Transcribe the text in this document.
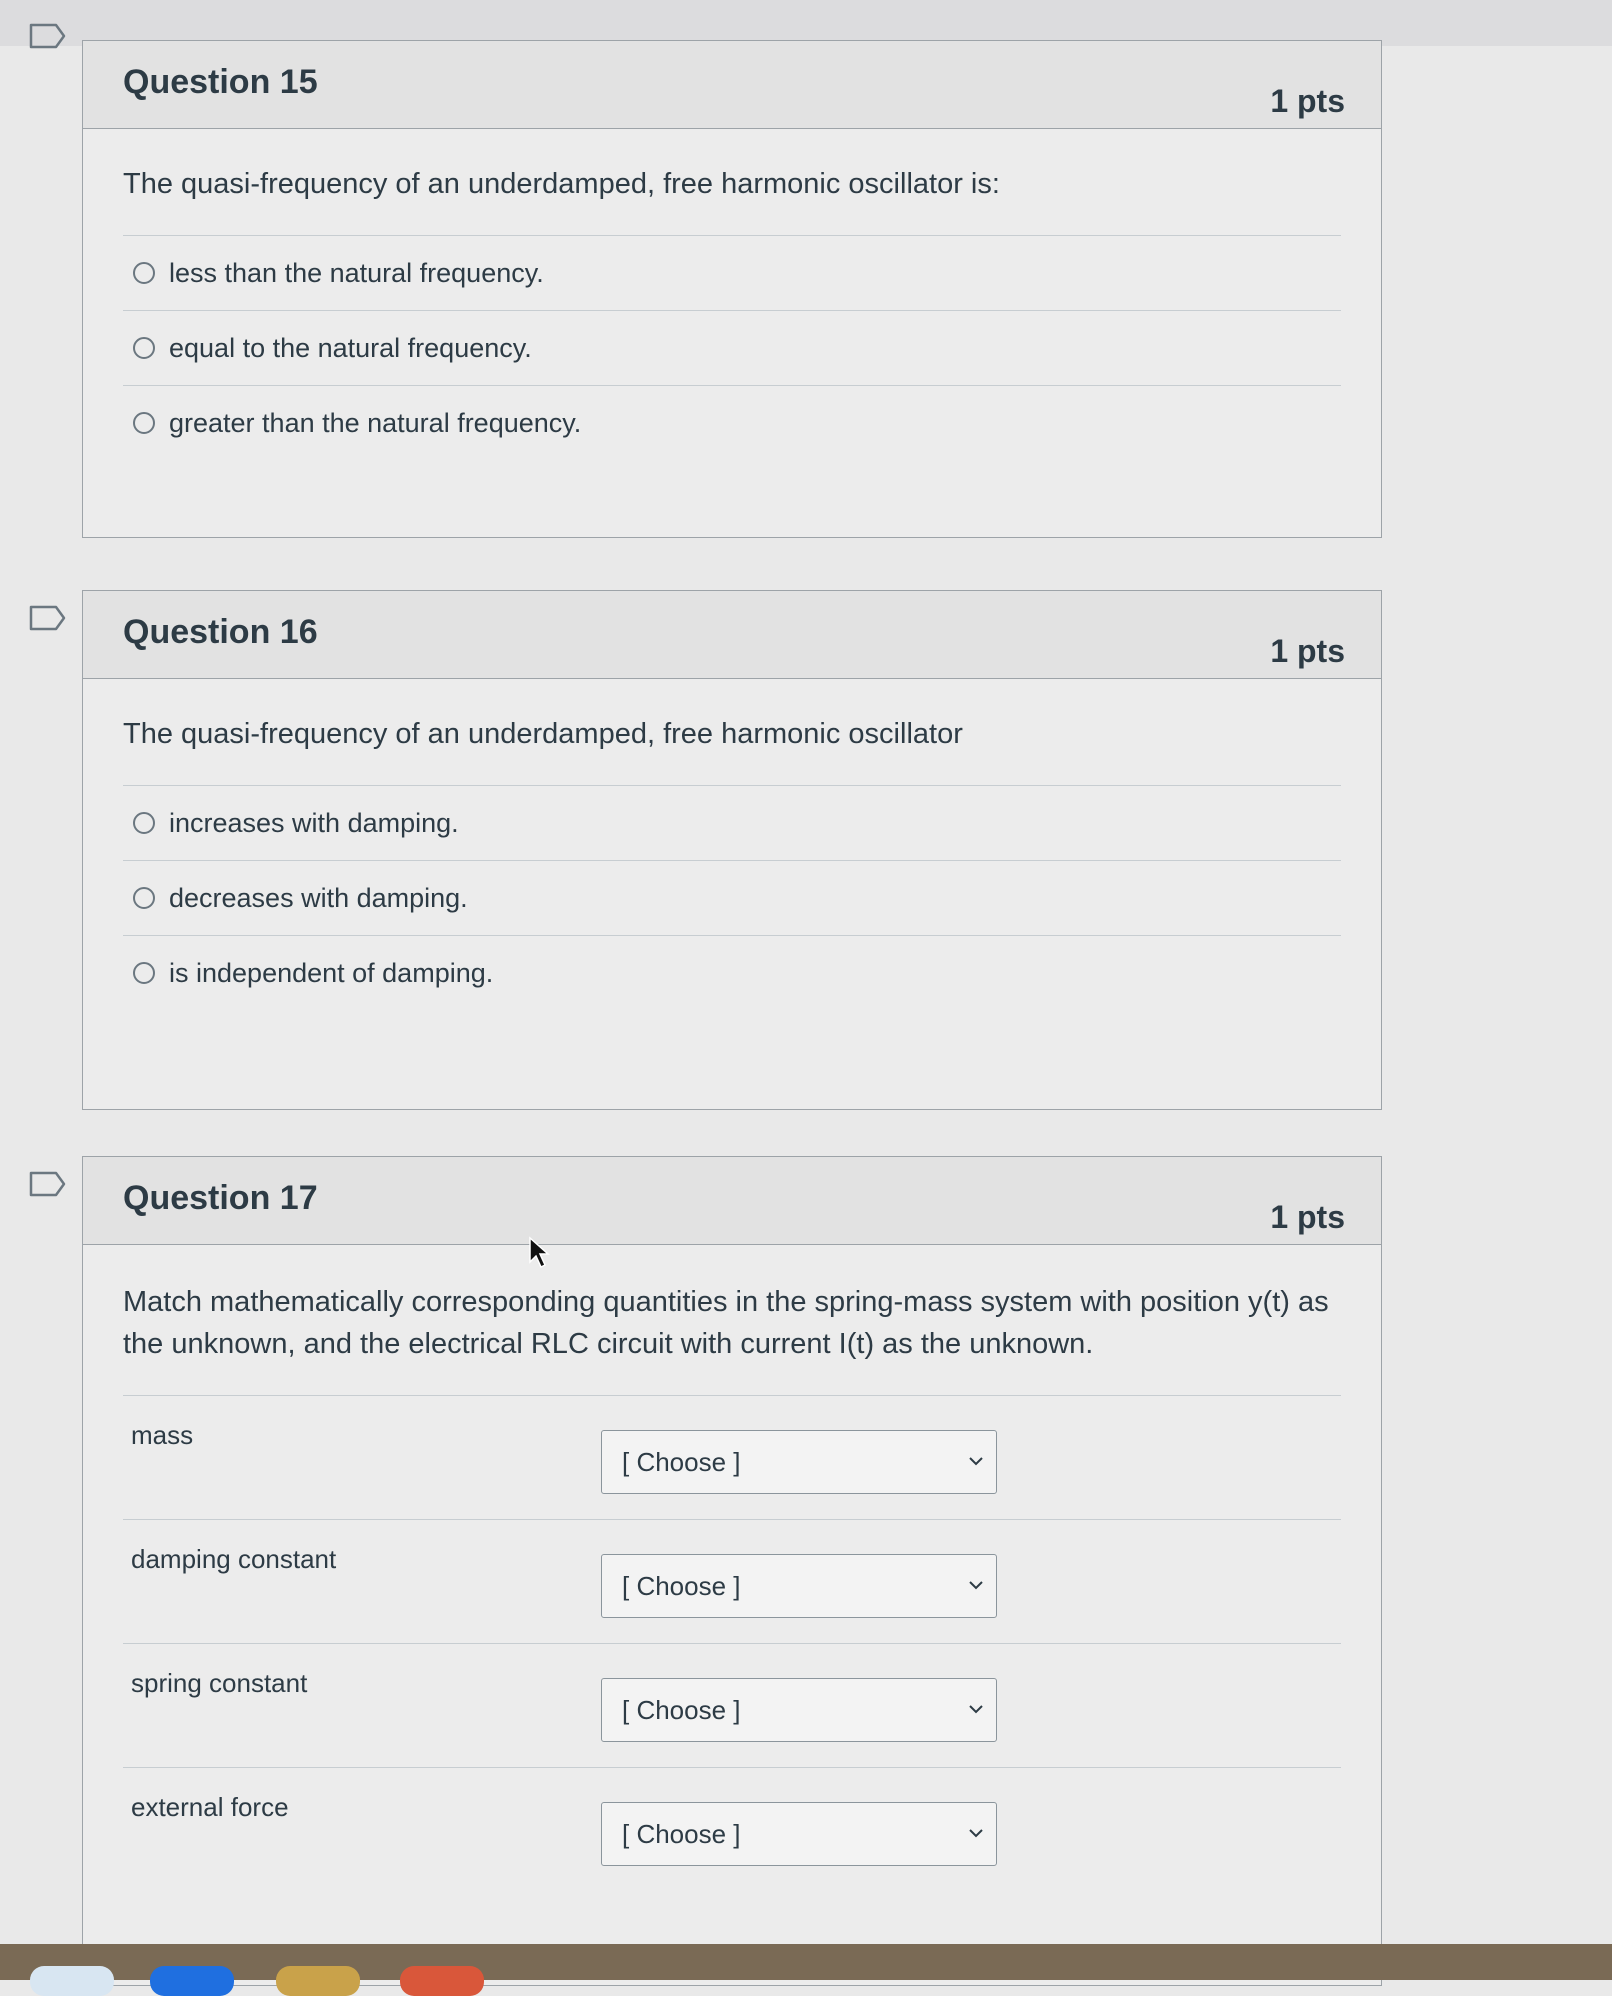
Question 15	1 pts
The quasi-frequency of an underdamped, free harmonic oscillator is:
less than the natural frequency.
equal to the natural frequency.
greater than the natural frequency.
Question 16	1 pts
The quasi-frequency of an underdamped, free harmonic oscillator
increases with damping.
decreases with damping.
is independent of damping.
Question 17	1 pts
Match mathematically corresponding quantities in the spring-mass system with position y(t) as the unknown, and the electrical RLC circuit with current I(t) as the unknown.
mass
[ Choose ]
damping constant
[ Choose ]
spring constant
[ Choose ]
external force
[ Choose ]
